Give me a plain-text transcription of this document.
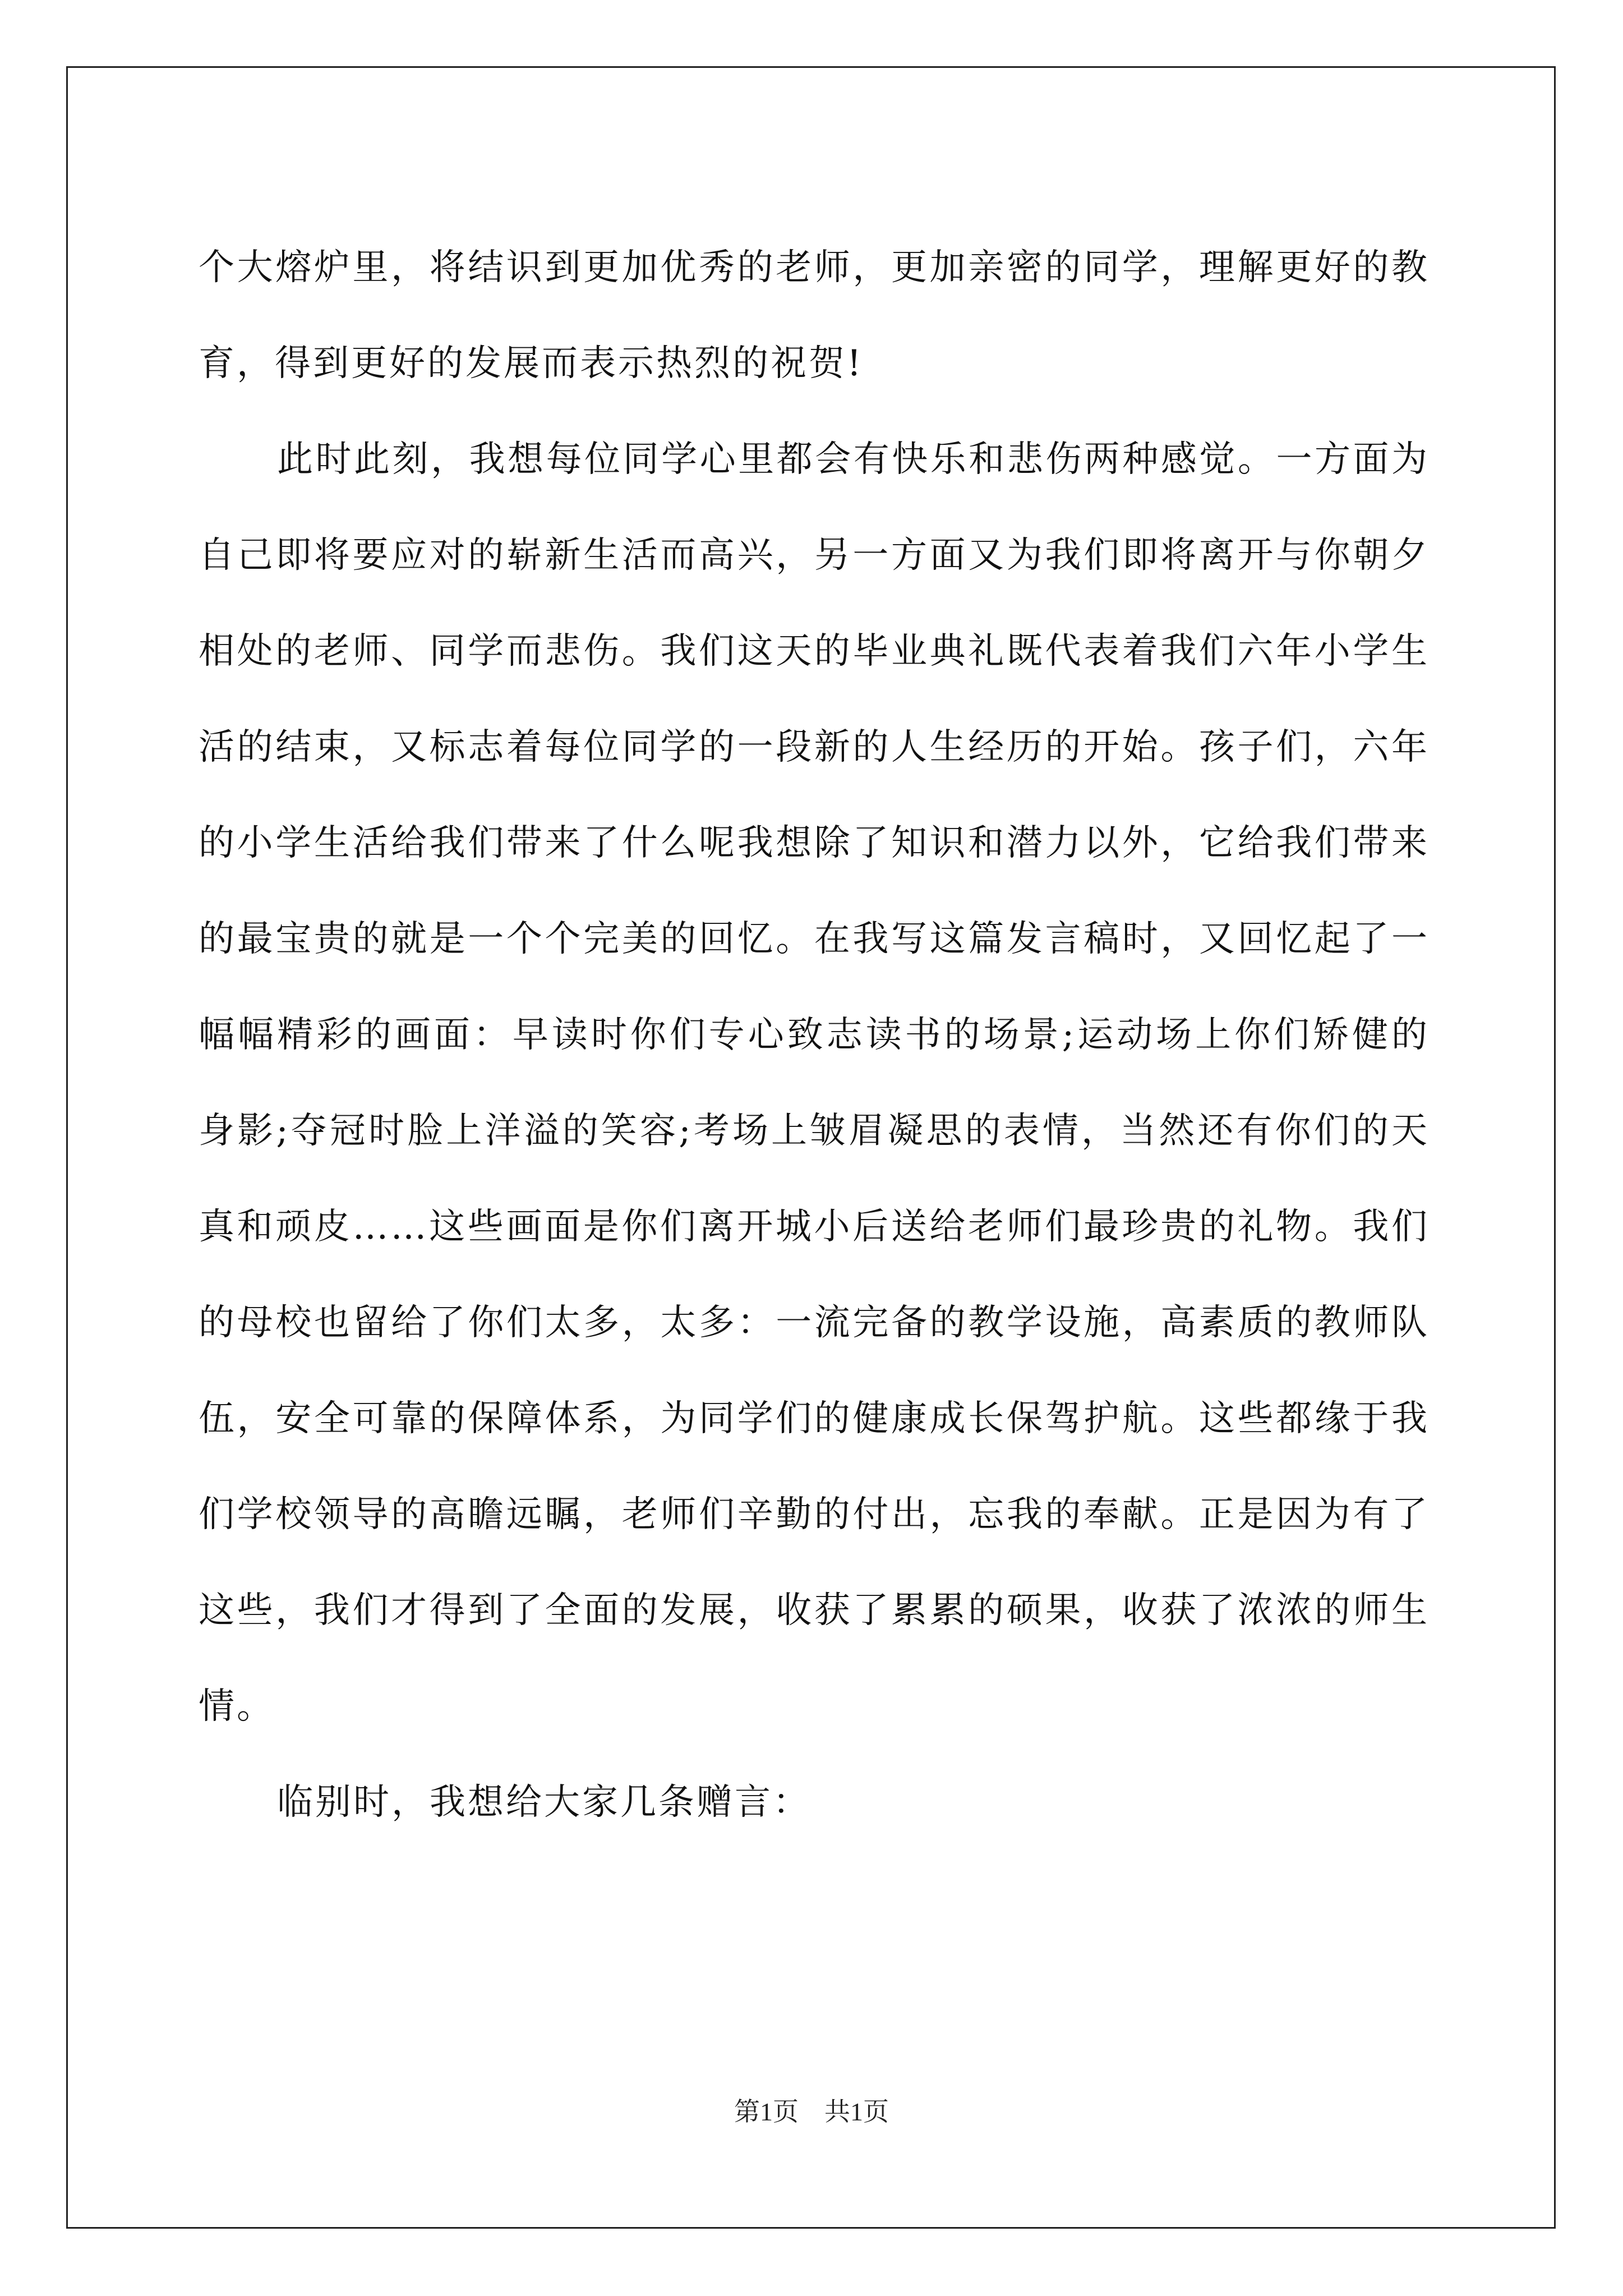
个大熔炉里，将结识到更加优秀的老师，更加亲密的同学，理解更好的教育，得到更好的发展而表示热烈的祝贺!

此时此刻，我想每位同学心里都会有快乐和悲伤两种感觉。一方面为自己即将要应对的崭新生活而高兴，另一方面又为我们即将离开与你朝夕相处的老师、同学而悲伤。我们这天的毕业典礼既代表着我们六年小学生活的结束，又标志着每位同学的一段新的人生经历的开始。孩子们，六年的小学生活给我们带来了什么呢我想除了知识和潜力以外，它给我们带来的最宝贵的就是一个个完美的回忆。在我写这篇发言稿时，又回忆起了一幅幅精彩的画面：早读时你们专心致志读书的场景;运动场上你们矫健的身影;夺冠时脸上洋溢的笑容;考场上皱眉凝思的表情，当然还有你们的天真和顽皮……这些画面是你们离开城小后送给老师们最珍贵的礼物。我们的母校也留给了你们太多，太多：一流完备的教学设施，高素质的教师队伍，安全可靠的保障体系，为同学们的健康成长保驾护航。这些都缘于我们学校领导的高瞻远瞩，老师们辛勤的付出，忘我的奉献。正是因为有了这些，我们才得到了全面的发展，收获了累累的硕果，收获了浓浓的师生情。

临别时，我想给大家几条赠言：

第1页　共1页
